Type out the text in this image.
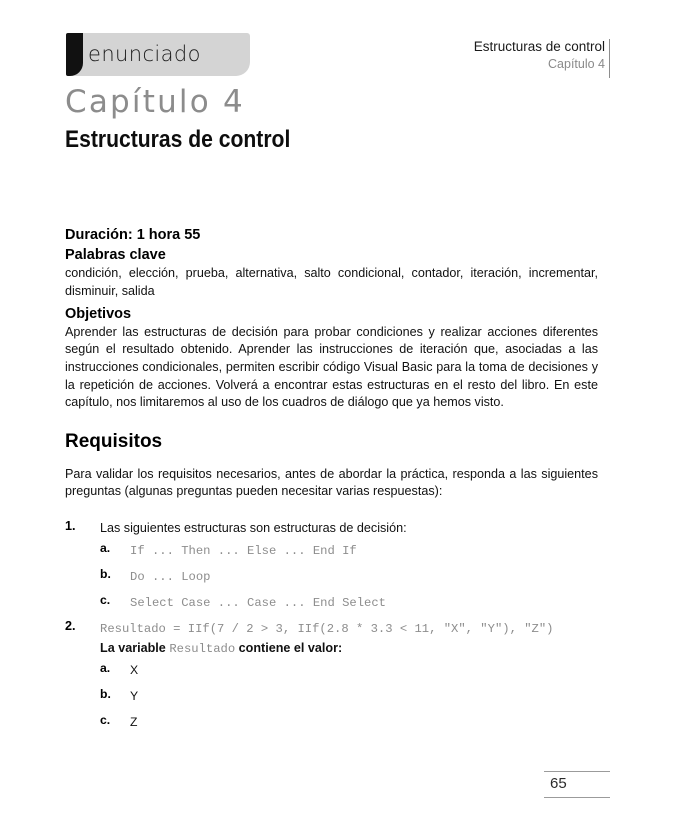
Estructuras de control
Capítulo 4
enunciado
Capítulo 4
Estructuras de control
Duración: 1 hora 55
Palabras clave

condición, elección, prueba, alternativa, salto condicional, contador, iteración, incrementar, disminuir, salida

Objetivos

Aprender las estructuras de decisión para probar condiciones y realizar acciones diferentes según el resultado obtenido. Aprender las instrucciones de iteración que, asociadas a las instrucciones condicionales, permiten escribir código Visual Basic para la toma de decisiones y la repetición de acciones. Volverá a encontrar estas estructuras en el resto del libro. En este capítulo, nos limitaremos al uso de los cuadros de diálogo que ya hemos visto.

Requisitos

Para validar los requisitos necesarios, antes de abordar la práctica, responda a las siguientes preguntas (algunas preguntas pueden necesitar varias respuestas):

1. Las siguientes estructuras son estructuras de decisión:
a. If ... Then ... Else ... End If
b. Do ... Loop
c. Select Case ... Case ... End Select
2. Resultado = IIf(7 / 2 > 3, IIf(2.8 * 3.3 < 11, "X", "Y"), "Z")
La variable Resultado contiene el valor:
a. X
b. Y
c. Z
65
